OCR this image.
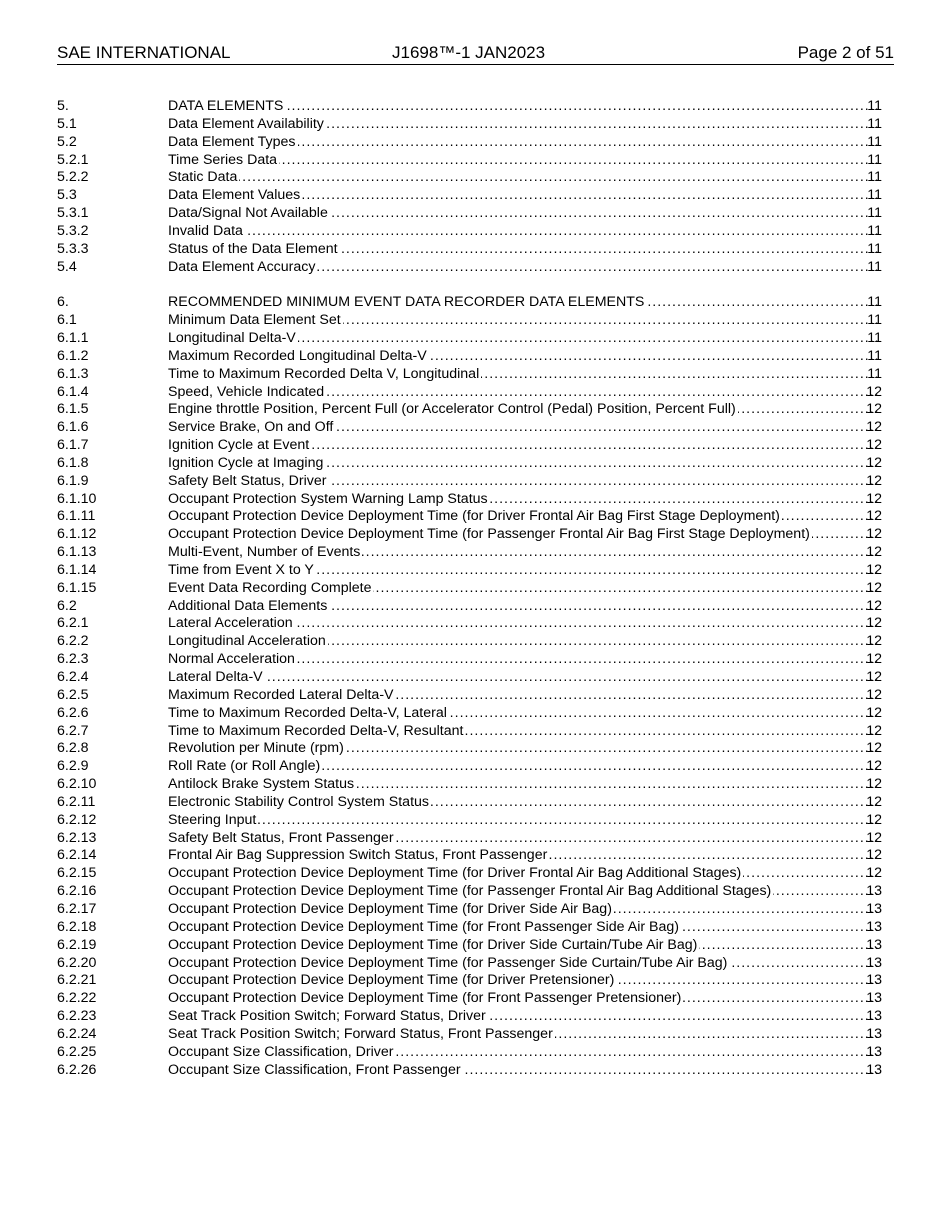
SAE INTERNATIONAL	J1698™-1 JAN2023	Page 2 of 51
5.	DATA ELEMENTS .....	11
5.1	Data Element Availability .....	11
5.2	Data Element Types .....	11
5.2.1	Time Series Data .....	11
5.2.2	Static Data .....	11
5.3	Data Element Values .....	11
5.3.1	Data/Signal Not Available .....	11
5.3.2	Invalid Data .....	11
5.3.3	Status of the Data Element .....	11
5.4	Data Element Accuracy .....	11
6.	RECOMMENDED MINIMUM EVENT DATA RECORDER DATA ELEMENTS .....	11
6.1	Minimum Data Element Set .....	11
6.1.1	Longitudinal Delta-V .....	11
6.1.2	Maximum Recorded Longitudinal Delta-V .....	11
6.1.3	Time to Maximum Recorded Delta V, Longitudinal .....	11
6.1.4	Speed, Vehicle Indicated .....	12
6.1.5	Engine throttle Position, Percent Full (or Accelerator Control (Pedal) Position, Percent Full) .....	12
6.1.6	Service Brake, On and Off .....	12
6.1.7	Ignition Cycle at Event .....	12
6.1.8	Ignition Cycle at Imaging .....	12
6.1.9	Safety Belt Status, Driver .....	12
6.1.10	Occupant Protection System Warning Lamp Status .....	12
6.1.11	Occupant Protection Device Deployment Time (for Driver Frontal Air Bag First Stage Deployment) .....	12
6.1.12	Occupant Protection Device Deployment Time (for Passenger Frontal Air Bag First Stage Deployment) .....	12
6.1.13	Multi-Event, Number of Events .....	12
6.1.14	Time from Event X to Y .....	12
6.1.15	Event Data Recording Complete .....	12
6.2	Additional Data Elements .....	12
6.2.1	Lateral Acceleration .....	12
6.2.2	Longitudinal Acceleration .....	12
6.2.3	Normal Acceleration .....	12
6.2.4	Lateral Delta-V .....	12
6.2.5	Maximum Recorded Lateral Delta-V .....	12
6.2.6	Time to Maximum Recorded Delta-V, Lateral .....	12
6.2.7	Time to Maximum Recorded Delta-V, Resultant .....	12
6.2.8	Revolution per Minute (rpm) .....	12
6.2.9	Roll Rate (or Roll Angle) .....	12
6.2.10	Antilock Brake System Status .....	12
6.2.11	Electronic Stability Control System Status .....	12
6.2.12	Steering Input .....	12
6.2.13	Safety Belt Status, Front Passenger .....	12
6.2.14	Frontal Air Bag Suppression Switch Status, Front Passenger .....	12
6.2.15	Occupant Protection Device Deployment Time (for Driver Frontal Air Bag Additional Stages) .....	12
6.2.16	Occupant Protection Device Deployment Time (for Passenger Frontal Air Bag Additional Stages) .....	13
6.2.17	Occupant Protection Device Deployment Time (for Driver Side Air Bag) .....	13
6.2.18	Occupant Protection Device Deployment Time (for Front Passenger Side Air Bag) .....	13
6.2.19	Occupant Protection Device Deployment Time (for Driver Side Curtain/Tube Air Bag) .....	13
6.2.20	Occupant Protection Device Deployment Time (for Passenger Side Curtain/Tube Air Bag) .....	13
6.2.21	Occupant Protection Device Deployment Time (for Driver Pretensioner) .....	13
6.2.22	Occupant Protection Device Deployment Time (for Front Passenger Pretensioner) .....	13
6.2.23	Seat Track Position Switch; Forward Status, Driver .....	13
6.2.24	Seat Track Position Switch; Forward Status, Front Passenger .....	13
6.2.25	Occupant Size Classification, Driver .....	13
6.2.26	Occupant Size Classification, Front Passenger .....	13
